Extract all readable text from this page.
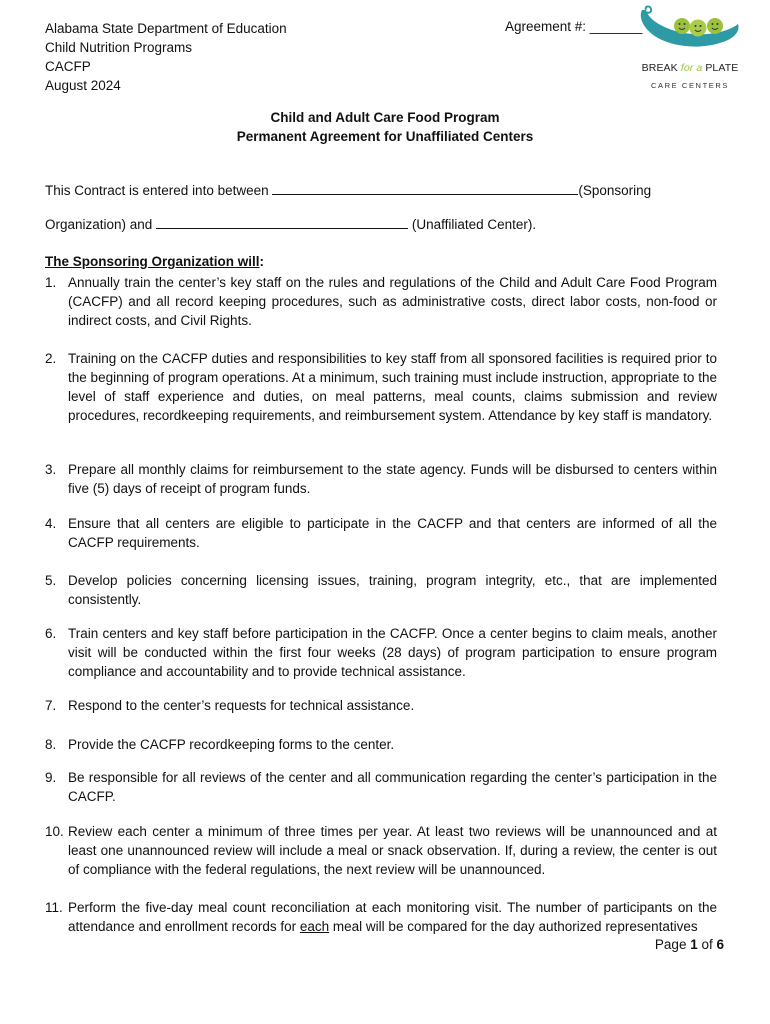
Alabama State Department of Education
Child Nutrition Programs
CACFP
August 2024
Agreement #: _______
BREAK for a PLATE
CARE CENTERS
Child and Adult Care Food Program
Permanent Agreement for Unaffiliated Centers
This Contract is entered into between	(Sponsoring
Organization) and	(Unaffiliated Center).
The Sponsoring Organization will:
1. Annually train the center’s key staff on the rules and regulations of the Child and Adult Care Food Program (CACFP) and all record keeping procedures, such as administrative costs, direct labor costs, non-food or indirect costs, and Civil Rights.
2. Training on the CACFP duties and responsibilities to key staff from all sponsored facilities is required prior to the beginning of program operations. At a minimum, such training must include instruction, appropriate to the level of staff experience and duties, on meal patterns, meal counts, claims submission and review procedures, recordkeeping requirements, and reimbursement system. Attendance by key staff is mandatory.
3. Prepare all monthly claims for reimbursement to the state agency. Funds will be disbursed to centers within five (5) days of receipt of program funds.
4. Ensure that all centers are eligible to participate in the CACFP and that centers are informed of all the CACFP requirements.
5. Develop policies concerning licensing issues, training, program integrity, etc., that are implemented consistently.
6. Train centers and key staff before participation in the CACFP. Once a center begins to claim meals, another visit will be conducted within the first four weeks (28 days) of program participation to ensure program compliance and accountability and to provide technical assistance.
7. Respond to the center’s requests for technical assistance.
8. Provide the CACFP recordkeeping forms to the center.
9. Be responsible for all reviews of the center and all communication regarding the center’s participation in the CACFP.
10. Review each center a minimum of three times per year. At least two reviews will be unannounced and at least one unannounced review will include a meal or snack observation. If, during a review, the center is out of compliance with the federal regulations, the next review will be unannounced.
11. Perform the five-day meal count reconciliation at each monitoring visit. The number of participants on the attendance and enrollment records for each meal will be compared for the day authorized representatives
Page 1 of 6
